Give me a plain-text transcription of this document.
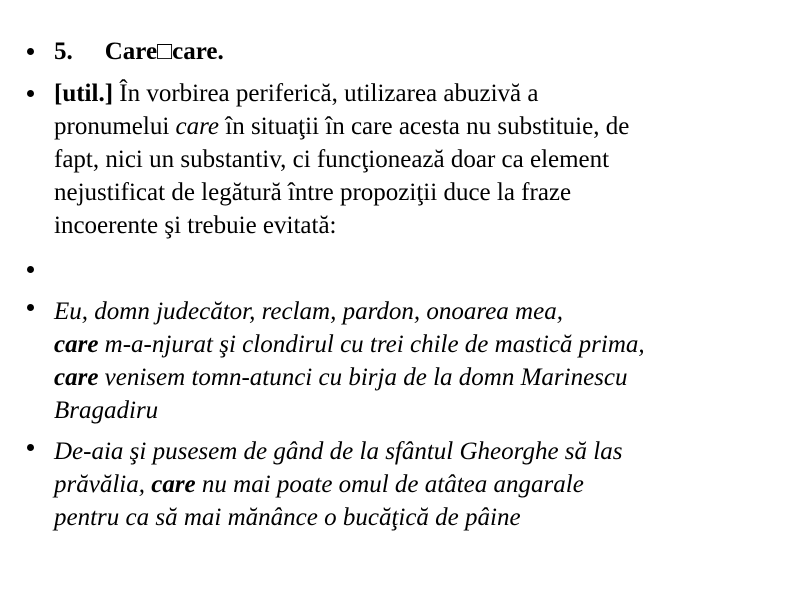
5. Care□care.
[util.] În vorbirea periferică, utilizarea abuzivă a
pronumelui care în situaţii în care acesta nu substituie, de
fapt, nici un substantiv, ci funcţionează doar ca element
nejustificat de legătură între propoziţii duce la fraze
incoerente şi trebuie evitată:
Eu, domn judecător, reclam, pardon, onoarea mea,
care m-a-njurat şi clondirul cu trei chile de mastică prima,
care venisem tomn-atunci cu birja de la domn Marinescu
Bragadiru
De-aia şi pusesem de gând de la sfântul Gheorghe să las
prăvălia, care nu mai poate omul de atâtea angarale
pentru ca să mai mănânce o bucăţică de pâine
